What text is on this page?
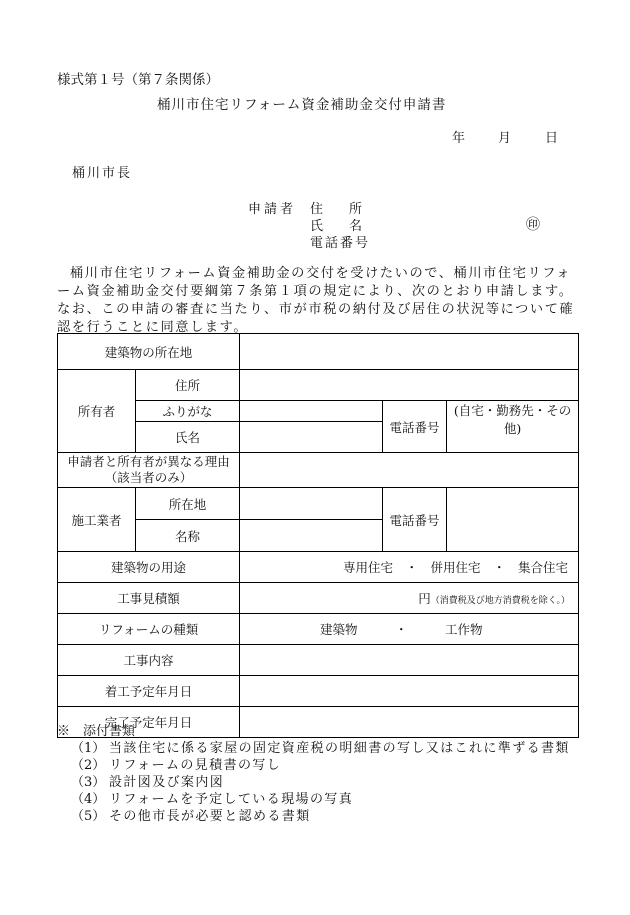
様式第１号（第７条関係）
桶川市住宅リフォーム資金補助金交付申請書
年	月	日
桶川市長
申請者 住　　所
氏　　名	㊞
電話番号
桶川市住宅リフォーム資金補助金の交付を受けたいので、桶川市住宅リフォーム資金補助金交付要綱第７条第１項の規定により、次のとおり申請します。なお、この申請の審査に当たり、市が市税の納付及び居住の状況等について確認を行うことに同意します。
建築物の所在地				
所有者	住所			
	ふりがな		電話番号	(自宅・勤務先・その他)
	氏名			

申請者と所有者が異なる理由
（該当者のみ）				

施工業者	所在地		電話番号	
	名称			
建築物の用途		専用住宅　・　併用住宅　・　集合住宅		
工事見積額		円（消費税及び地方消費税を除く。）		
リフォームの種類		建築物　　　・　　　工作物		
工事内容				
着工予定年月日				
完了予定年月日				
※　添付書類
（1） 当該住宅に係る家屋の固定資産税の明細書の写し又はこれに準ずる書類
（2） リフォームの見積書の写し
（3） 設計図及び案内図
（4） リフォームを予定している現場の写真
（5） その他市長が必要と認める書類
